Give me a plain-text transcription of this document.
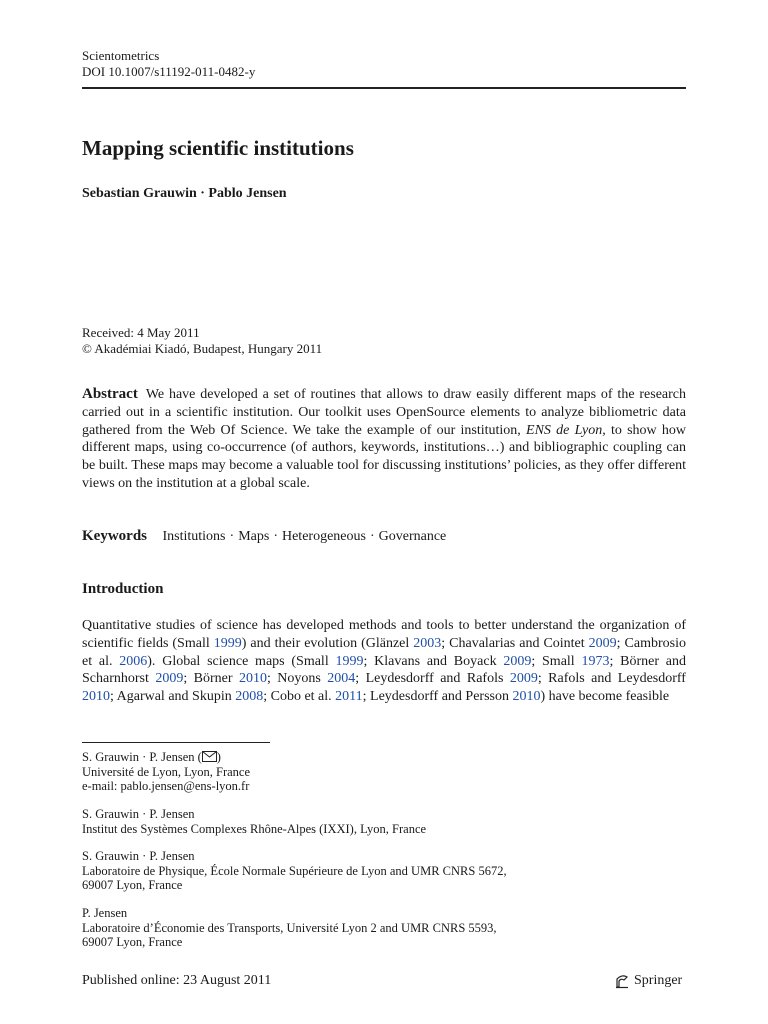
Scientometrics
DOI 10.1007/s11192-011-0482-y
Mapping scientific institutions
Sebastian Grauwin · Pablo Jensen
Received: 4 May 2011
© Akadémiai Kiadó, Budapest, Hungary 2011
Abstract We have developed a set of routines that allows to draw easily different maps of the research carried out in a scientific institution. Our toolkit uses OpenSource elements to analyze bibliometric data gathered from the Web Of Science. We take the example of our institution, ENS de Lyon, to show how different maps, using co-occurrence (of authors, keywords, institutions…) and bibliographic coupling can be built. These maps may become a valuable tool for discussing institutions’ policies, as they offer different views on the institution at a global scale.
Keywords Institutions · Maps · Heterogeneous · Governance
Introduction

Quantitative studies of science has developed methods and tools to better understand the organization of scientific fields (Small 1999) and their evolution (Glänzel 2003; Chavalarias and Cointet 2009; Cambrosio et al. 2006). Global science maps (Small 1999; Klavans and Boyack 2009; Small 1973; Börner and Scharnhorst 2009; Börner 2010; Noyons 2004; Leydesdorff and Rafols 2009; Rafols and Leydesdorff 2010; Agarwal and Skupin 2008; Cobo et al. 2011; Leydesdorff and Persson 2010) have become feasible

S. Grauwin · P. Jensen ( )
Université de Lyon, Lyon, France
e-mail: pablo.jensen@ens-lyon.fr
S. Grauwin · P. Jensen
Institut des Systèmes Complexes Rhône-Alpes (IXXI), Lyon, France
S. Grauwin · P. Jensen
Laboratoire de Physique, École Normale Supérieure de Lyon and UMR CNRS 5672,
69007 Lyon, France
P. Jensen
Laboratoire d’Économie des Transports, Université Lyon 2 and UMR CNRS 5593,
69007 Lyon, France
Published online: 23 August 2011	Springer
